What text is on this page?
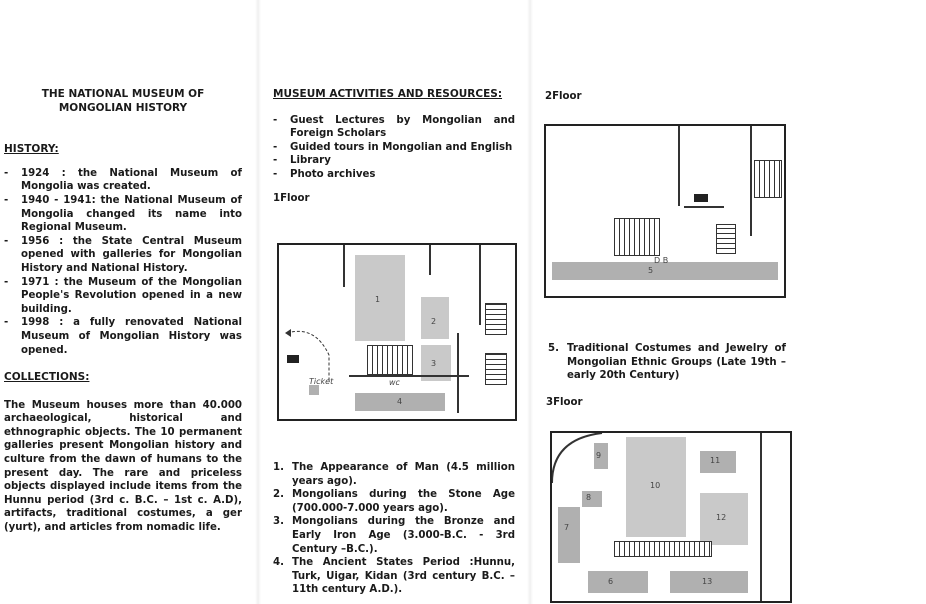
THE NATIONAL MUSEUM OF MONGOLIAN HISTORY
HISTORY:
- 1924 : the National Museum of Mongolia was created.
- 1940 - 1941: the National Museum of Mongolia changed its name into Regional Museum.
- 1956 : the State Central Museum opened with galleries for Mongolian History and National History.
- 1971 : the Museum of the Mongolian People's Revolution opened in a new building.
- 1998 : a fully renovated National Museum of Mongolian History was opened.
COLLECTIONS:
The Museum houses more than 40.000 archaeological, historical and ethnographic objects. The 10 permanent galleries present Mongolian history and culture from the dawn of humans to the present day. The rare and priceless objects displayed include items from the Hunnu period (3rd c. B.C. – 1st c. A.D), artifacts, traditional costumes, a ger (yurt), and articles from nomadic life.
MUSEUM ACTIVITIES AND RESOURCES:
- Guest Lectures by Mongolian and Foreign Scholars
- Guided tours in Mongolian and English
- Library
- Photo archives
1Floor
1
2
3
4
Ticket	wc
1. The Appearance of Man (4.5 million years ago).
2. Mongolians during the Stone Age (700.000-7.000 years ago).
3. Mongolians during the Bronze and Early Iron Age (3.000-B.C. - 3rd Century –B.C.).
4. The Ancient States Period :Hunnu, Turk, Uigar, Kidan (3rd century B.C. – 11th century A.D.).
2Floor
5
D B
5. Traditional Costumes and Jewelry of Mongolian Ethnic Groups (Late 19th – early 20th Century)
3Floor
9
10
11
12
8
7
6	13
